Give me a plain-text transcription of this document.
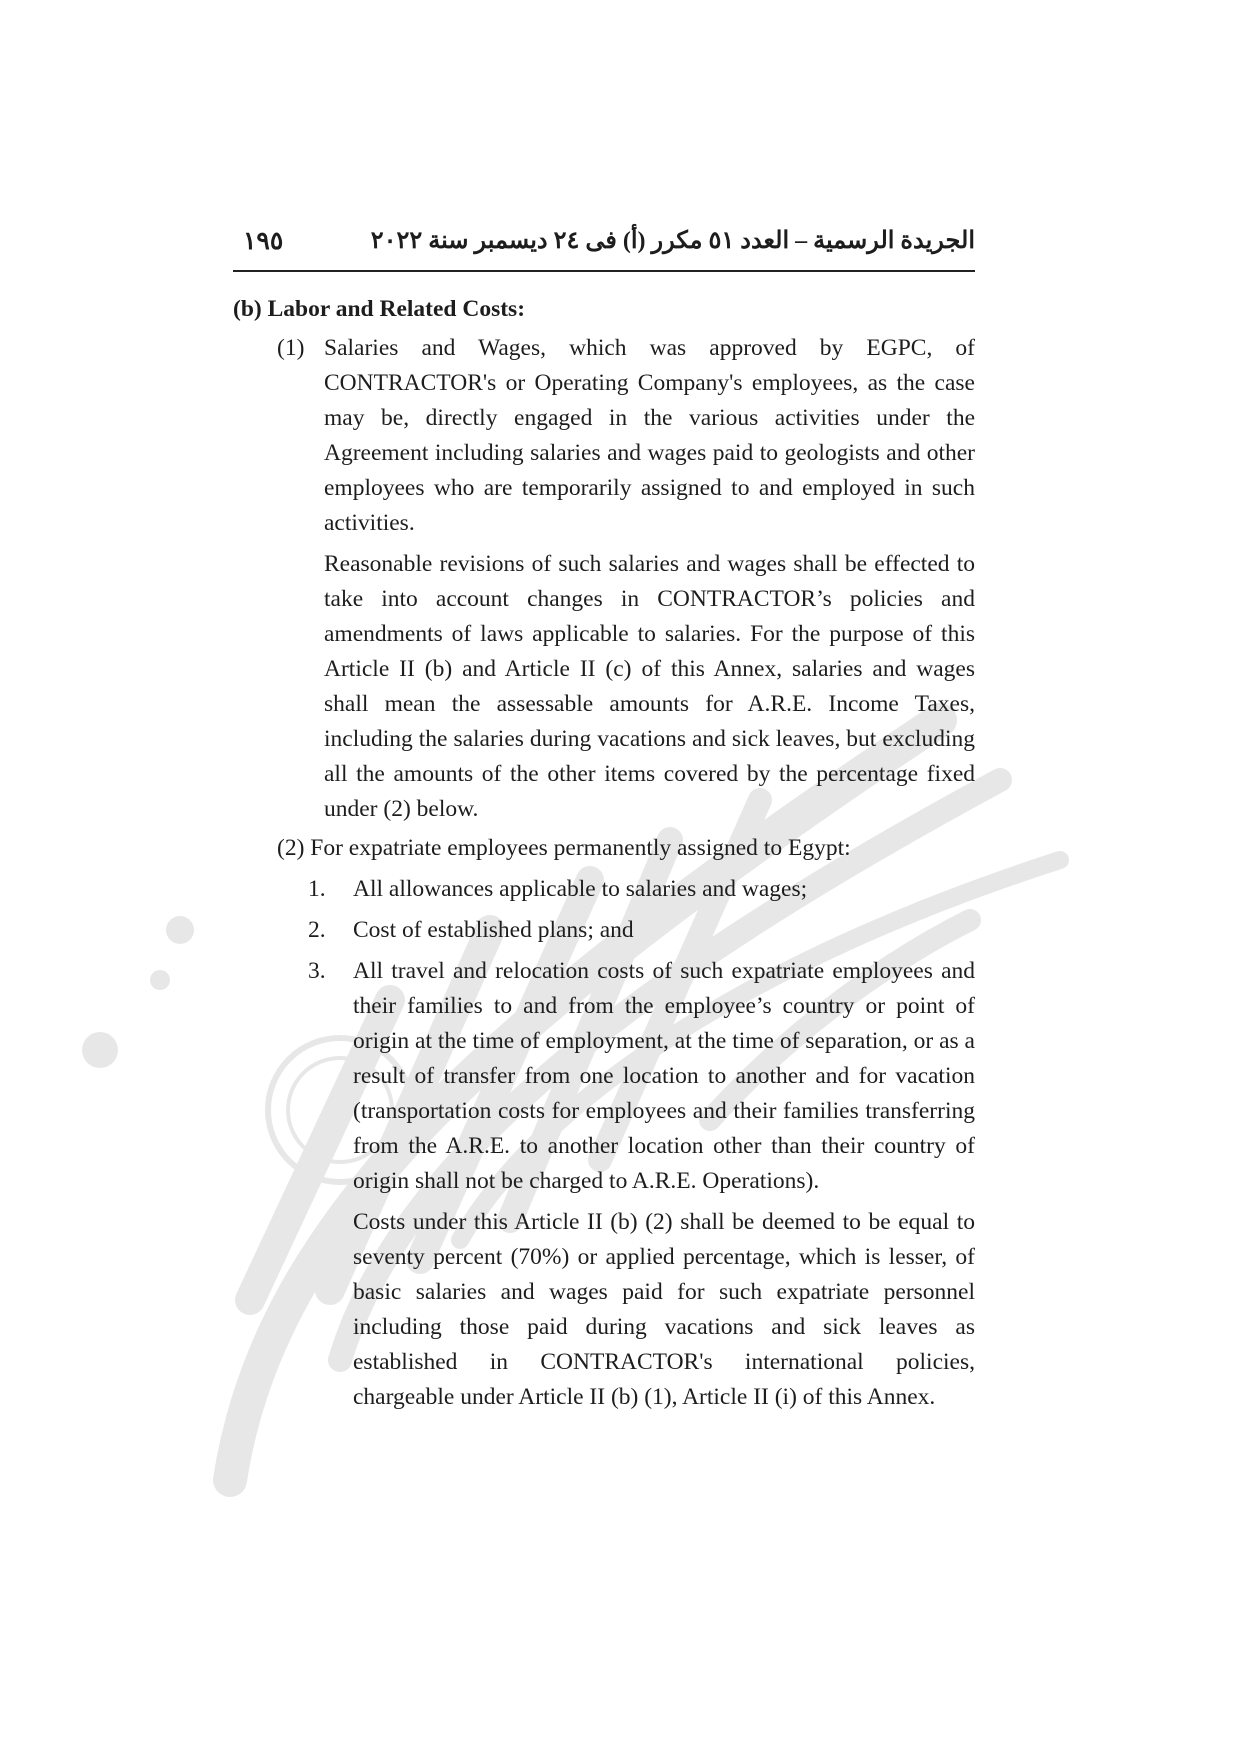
١٩٥	الجريدة الرسمية – العدد ٥١ مكرر (أ) فى ٢٤ ديسمبر سنة ٢٠٢٢
(b) Labor and Related Costs:
(1) Salaries and Wages, which was approved by EGPC, of CONTRACTOR's or Operating Company's employees, as the case may be, directly engaged in the various activities under the Agreement including salaries and wages paid to geologists and other employees who are temporarily assigned to and employed in such activities.

Reasonable revisions of such salaries and wages shall be effected to take into account changes in CONTRACTOR’s policies and amendments of laws applicable to salaries. For the purpose of this Article II (b) and Article II (c) of this Annex, salaries and wages shall mean the assessable amounts for A.R.E. Income Taxes, including the salaries during vacations and sick leaves, but excluding all the amounts of the other items covered by the percentage fixed under (2) below.

(2) For expatriate employees permanently assigned to Egypt:
1. All allowances applicable to salaries and wages;

2. Cost of established plans; and

3. All travel and relocation costs of such expatriate employees and their families to and from the employee’s country or point of origin at the time of employment, at the time of separation, or as a result of transfer from one location to another and for vacation (transportation costs for employees and their families transferring from the A.R.E. to another location other than their country of origin shall not be charged to A.R.E. Operations).

Costs under this Article II (b) (2) shall be deemed to be equal to seventy percent (70%) or applied percentage, which is lesser, of basic salaries and wages paid for such expatriate personnel including those paid during vacations and sick leaves as established in CONTRACTOR's international policies, chargeable under Article II (b) (1), Article II (i) of this Annex.
